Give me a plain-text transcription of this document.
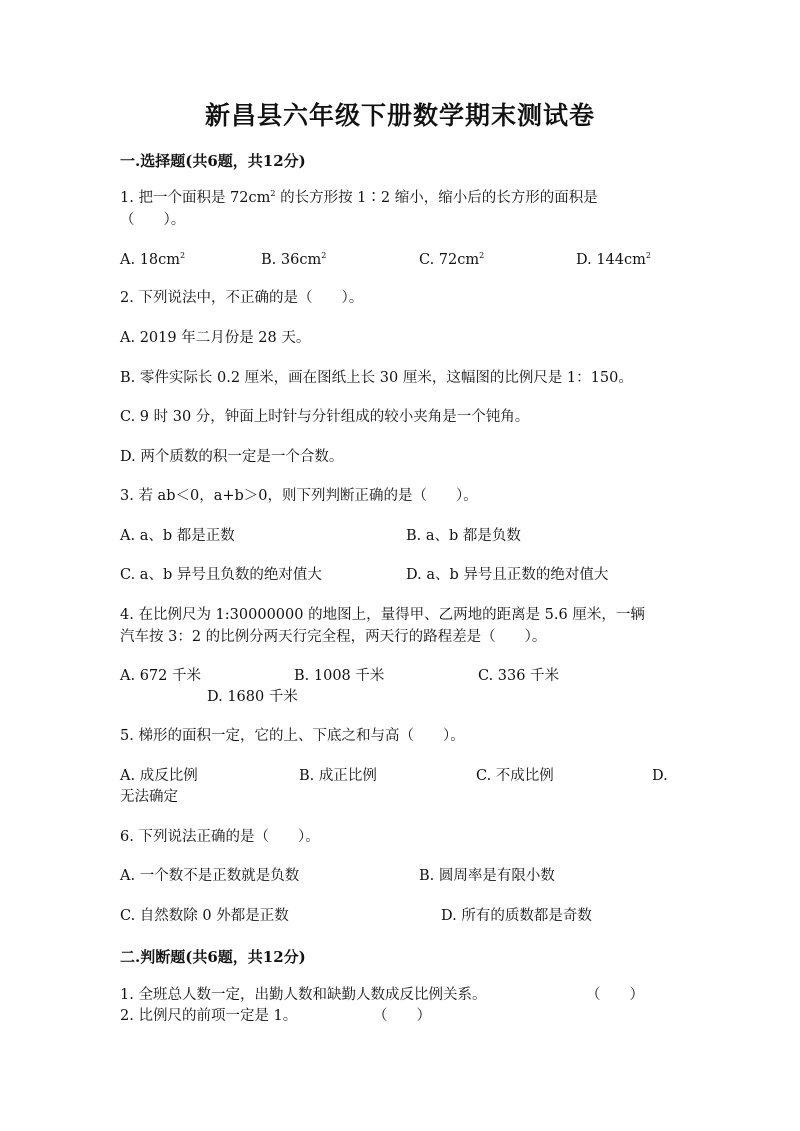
新昌县六年级下册数学期末测试卷

一.选择题(共6题，共12分)

1. 把一个面积是 $72cm^2$ 的长方形按 1∶2 缩小，缩小后的长方形的面积是

（　　）。

A. $18cm^2$	B. $36cm^2$	C. $72cm^2$	D. $144cm^2$

2. 下列说法中，不正确的是（　　）。

A. 2019 年二月份是 28 天。

B. 零件实际长 0.2 厘米，画在图纸上长 30 厘米，这幅图的比例尺是 1：150。

C. 9 时 30 分，钟面上时针与分针组成的较小夹角是一个钝角。

D. 两个质数的积一定是一个合数。

3. 若 ab＜0，a+b＞0，则下列判断正确的是（　　）。

A. a、b 都是正数	B. a、b 都是负数

C. a、b 异号且负数的绝对值大	D. a、b 异号且正数的绝对值大

4. 在比例尺为 1:30000000 的地图上，量得甲、乙两地的距离是 5.6 厘米，一辆

汽车按 3：2 的比例分两天行完全程，两天行的路程差是（　　）。

A. 672 千米	B. 1008 千米	C. 336 千米

D. 1680 千米

5. 梯形的面积一定，它的上、下底之和与高（　　）。

A. 成反比例	B. 成正比例	C. 不成比例	D.

无法确定

6. 下列说法正确的是（　　）。

A. 一个数不是正数就是负数	B. 圆周率是有限小数

C. 自然数除 0 外都是正数	D. 所有的质数都是奇数

二.判断题(共6题，共12分)

1. 全班总人数一定，出勤人数和缺勤人数成反比例关系。	（　　）

2. 比例尺的前项一定是 1。	（　　）
